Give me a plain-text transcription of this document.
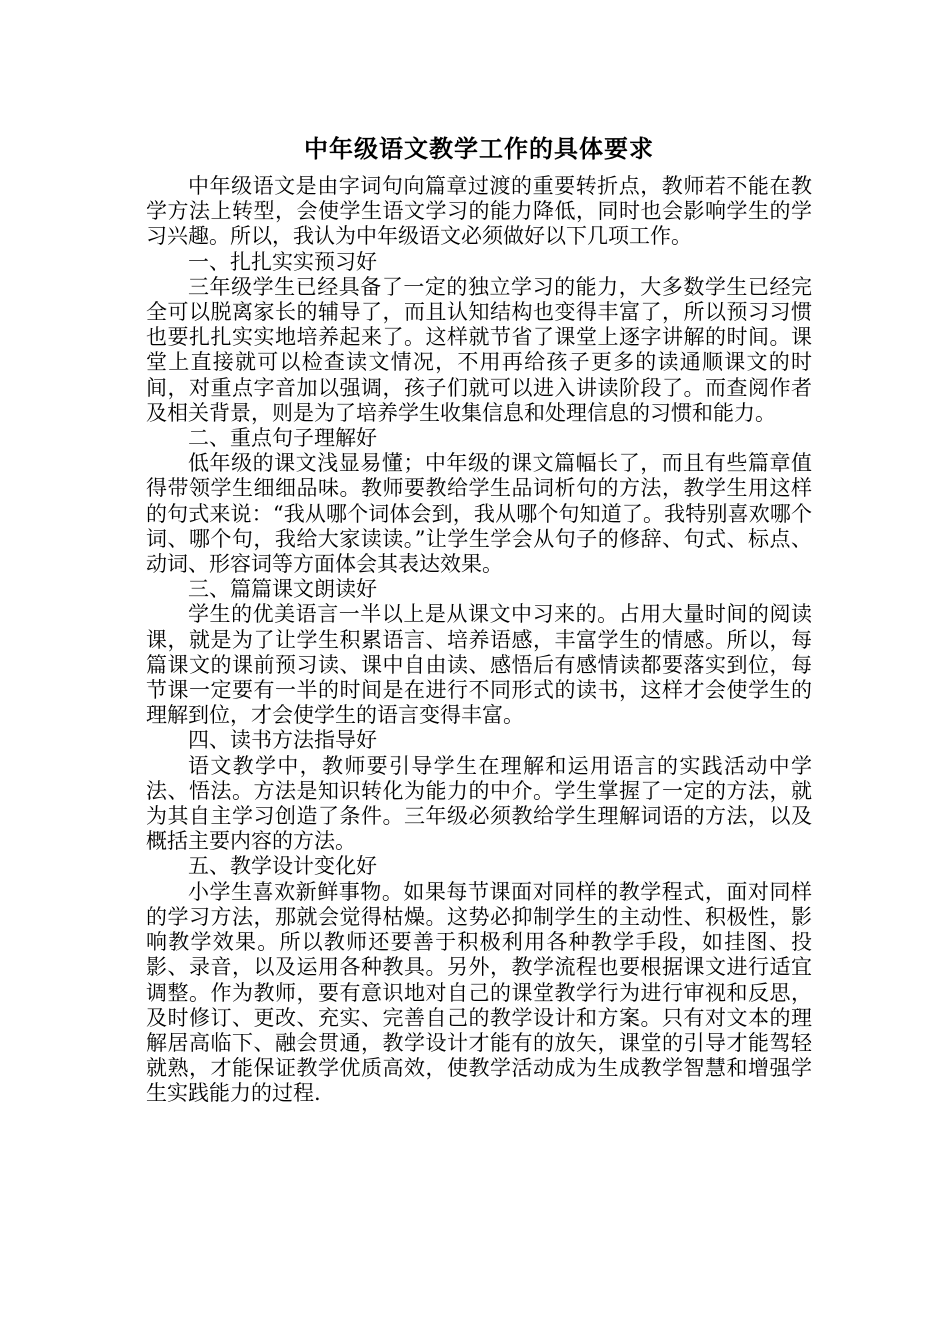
中年级语文教学工作的具体要求

中年级语文是由字词句向篇章过渡的重要转折点，教师若不能在教学方法上转型，会使学生语文学习的能力降低，同时也会影响学生的学习兴趣。所以，我认为中年级语文必须做好以下几项工作。

一、扎扎实实预习好

三年级学生已经具备了一定的独立学习的能力，大多数学生已经完全可以脱离家长的辅导了，而且认知结构也变得丰富了，所以预习习惯也要扎扎实实地培养起来了。这样就节省了课堂上逐字讲解的时间。课堂上直接就可以检查读文情况，不用再给孩子更多的读通顺课文的时间，对重点字音加以强调，孩子们就可以进入讲读阶段了。而查阅作者及相关背景，则是为了培养学生收集信息和处理信息的习惯和能力。

二、重点句子理解好

低年级的课文浅显易懂；中年级的课文篇幅长了，而且有些篇章值得带领学生细细品味。教师要教给学生品词析句的方法，教学生用这样的句式来说：“我从哪个词体会到，我从哪个句知道了。我特别喜欢哪个词、哪个句，我给大家读读。”让学生学会从句子的修辞、句式、标点、动词、形容词等方面体会其表达效果。

三、篇篇课文朗读好

学生的优美语言一半以上是从课文中习来的。占用大量时间的阅读课，就是为了让学生积累语言、培养语感，丰富学生的情感。所以，每篇课文的课前预习读、课中自由读、感悟后有感情读都要落实到位，每节课一定要有一半的时间是在进行不同形式的读书，这样才会使学生的理解到位，才会使学生的语言变得丰富。

四、读书方法指导好

语文教学中，教师要引导学生在理解和运用语言的实践活动中学法、悟法。方法是知识转化为能力的中介。学生掌握了一定的方法，就为其自主学习创造了条件。三年级必须教给学生理解词语的方法，以及概括主要内容的方法。

五、教学设计变化好

小学生喜欢新鲜事物。如果每节课面对同样的教学程式，面对同样的学习方法，那就会觉得枯燥。这势必抑制学生的主动性、积极性，影响教学效果。所以教师还要善于积极利用各种教学手段，如挂图、投影、录音，以及运用各种教具。另外，教学流程也要根据课文进行适宜调整。作为教师，要有意识地对自己的课堂教学行为进行审视和反思，及时修订、更改、充实、完善自己的教学设计和方案。只有对文本的理解居高临下、融会贯通，教学设计才能有的放矢，课堂的引导才能驾轻就熟，才能保证教学优质高效，使教学活动成为生成教学智慧和增强学生实践能力的过程.
